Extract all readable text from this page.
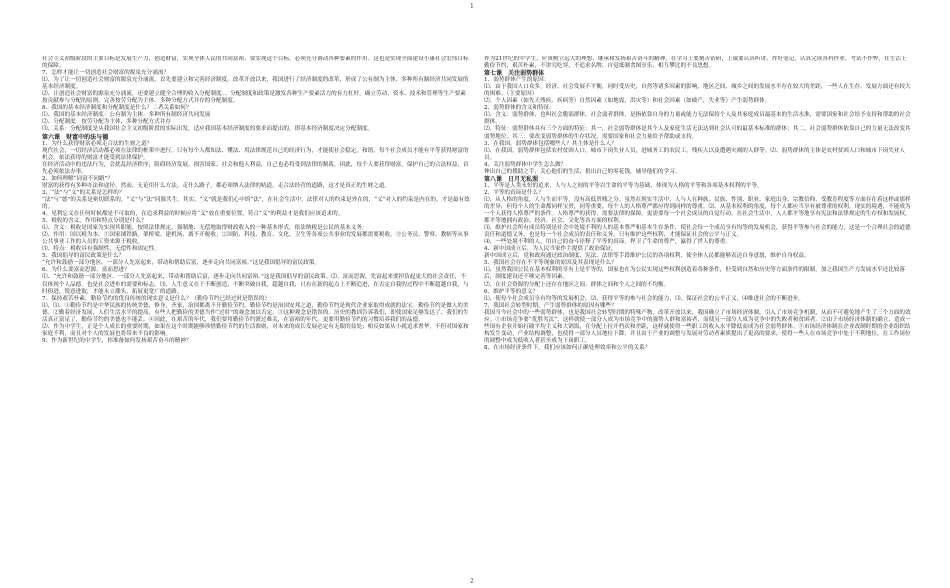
1

社会主义初级阶段的主要目标是发展生产力，创造财富，实现全体人民的共同富裕。要实现这个目标，必须充分调动各种要素的作用。这也是实现全面建设小康社会宏伟目标的保障。

7、怎样才能让一切创造社会财富的源泉充分涌流？

⑴、为了让一切创造社会财富的源泉充分涌流，首先要建立和完善经济制度。改革开放以来，我国进行了经济制度的改革，形成了公有制为主体、多种所有制经济共同发展的基本经济制度。

⑵、让创造社会财富的源泉充分涌流，还要建立健全合理的收入分配制度。。分配制度和政策是激发各种生产要素活力的有力杠杆，确立劳动、资本、技术和管理等生产要素按贡献参与分配的原则，完善按劳分配为主体、多种分配方式并存的分配制度。

8、我国的基本经济制度和分配制度是什么？二者关系如何？

⑴、我国的基本经济制度：公有制为主体、多种所有制经济共同发展

⑵、分配制度：按劳分配为主体、多种分配方式并存

⑶、关系：分配制度是从我国社会主义初级阶段的实际出发，适应我国基本经济制度的要求而提出的，即基本经济制度决定分配制度。

第六课　财富中的法与德

1、为什么获得财富必须走合法的生财之道？

现代社会，一切经济活动都必须在法律的框架中进行，只有每个人都知法、懂法、用法律规范自己的经济行为，才能使社会稳定，和谐。每个社会成员才能有平等获得财富的机会，依法获得的财富才能受到法律保护。

在经济活动中的违法行为，会扰乱经济秩序，阻碍经济发展，损害国家、社会和他人利益，自己也必将受到法律的制裁。因此，每个人要获得财富，保护自己的合法权益，首先必须依法办事。

2、如何理解“同富不同路”？

财富的获得有多种办法和途径。然而，无论用什么方法，走什么路子，都必须纳入法律的轨道，走合法经营的道路，这才是真正的生财之道。

3、“法”与“义”的关系是怎样的？

“法”与“德”的关系是密切联系的，“义”与“法”同源共生。其实，“义”就是我们心中的“法”，在社会生活中，法律对人的约束是外在的，“义”对人的约束是内在的，才是最有效的。

4、见利忘义在任何时候都是不可取的，在追求利益的时候应将“义”放在重要位置，符合“义”的利益才是我们应该追求的。

5、税收的含义、作用和特点分别是什么？

⑴、含义：税收是国家为实现其职能，按照法律规定，强制地、无偿地取得财政收入的一种基本形式。依法纳税是公民的基本义务。

⑵、作用：国以税为本。①国家铺铁路、架桥梁、建机场、离不开税收；②国防、科技、教育、文化、卫生等各项公共事业的发展都需要税收。③公务员、警察、教师等从事公共事业工作的人员的工资来源于税收。

⑶、特点：税收具有强制性、无偿性和固定性。

5、我国倡导的富民政策是什么？

“允许和鼓励一部分地区、一部分人先富起来，带动和帮助后富，逐步走向共同富裕。”这是我国倡导的富民政策。

6、为什么要富而思源、富而思进？

⑴、“允许和鼓励一部分地区、一部分人先富起来，带动和帮助后富，逐步走向共同富裕。”这是我国倡导的富民政策。⑵、富而思源，先富起来要担负起更大的社会责任，不仅体现个人品德，也是社会进步的需要和标志。⑶、人生意义在于不断创造，不断突破自我，超越自我，只有在新的起点上不断追进，在否定自我的过程中不断超越自我，与时俱进，锐意进取，才能永立潮头，拓展更宽广的道路。

7、保持艰苦朴素，勤俭节约的优良传统的现实意义是什么？（勤俭节约已经过时是错误的）

⑴、⑴、①勤俭节约是中华民族的传统美德，修身，齐家，治国都离不开勤俭节约，勤俭节约是治国安邦之道，勤俭节约是现代企业家取得成就的法宝。勤俭节约是做人的美德。②勤着经济发展，人们生活水平的提高，有些人把勤俭的美德当作“过时”的观念加以否定。③这种观念是错误的。历史的教训告诉我们，即使国家足够发达了，我们的生活真正富足了，勤俭节约的美德也不能丢。④因此，在艰苦的年代，我们要用勤俭节约渡过难关，在富裕的年代，更要用勤俭节约的习惯培养我们的品德。

⑵、作为中学生，正是个人成长的重要时期，如果在这个时期能够珍惜勤俭节约的生活准则，对未来的成长发展必定有无限的益处；相反如果从小就追求奢华，不但对国家和家庭不利，而且对个人的发展也将带来不良的影响。

9、作为新世纪的中学生，你准备如何发扬艰苦奋斗的精神？

作为21世纪的中学生，应该树立远大的理想，继承和发扬艰苦奋斗的精神，在学习上要刻苦钻研，上课要认真听讲，作好笔记，认真完成各科作业，考试不作弊，在生活上勤俭节约，艰苦朴素，不讲究吃穿，不追求名牌，自觉抵制贪图享乐，相互攀比的不良思想。

第七课　关注弱势群体

1、弱势群体产生的原因：

⑴、由于我国人口众多，经济、社会发展不平衡，同时受历史，自然等诸多因素的影响，地区之间、城乡之间的发展水平存在较大的差距，一些人在生存、发展方面还有较大的困难。（主要原因）

⑵、个人因素（如先天残疾、疾病等）自然因素（如地震，洪灾等）和社会因素（如破产，失业等）产生弱势群体。

2、弱势群体的含义和特征：

⑴、含义：弱势群体，也叫社会脆弱群体，社会弱者群体，是指依靠自身的力量或能力无法保持个人及其家庭成员最基本的生活水准，需要国家和社会给予支持和帮助的社会群体。

⑵、特征：弱势群体具有三个方面的特征：其一，社会弱势群体是其个人及家庭生活无法达到社会认可的最基本标准的群体；其二，社会弱势群体依靠自己的力量无法改变其弱势地位；其三：要改变弱势群体的生存状况，需要国家和社会力量给予帮助或支持。

3、在我国，弱势群体包括哪些人？其主体是什么人？

⑴、在我国，弱势群体包括农村贫困人口，城市下岗失业人员，进城务工的农民工，残疾人以及遭遇灾祸的人群等。⑵、弱势群体的主体是农村贫困人口和城市下岗失业人员。

4、关注弱势群体中学生怎么做？

伸出自己的援助之手，关心他们的生活，捐出自己的零花钱，辅导他们的学习。

第八课　日月无私照

1、平等是人类永恒的追求，人与人之间的平等以生命的平等为基础，体现为人格的平等和各项基本权利的平等。

2、平等的真谛是什么？

⑴、从人格的角度，人与生而平等，没有高低贵贱之分。虽然在现实生活中，人与人在种族、民族、性别、职业、家庭出身、宗教信仰、受教育程度等方面存在着这样或那样的差异，但每个人的生命都同样宝贵，同等重要，每个人的人格尊严都应得到同样的尊重。⑵、从基本权利的角度，每个人都应当享有被尊重的权利。现实的境遇，不能成为一个人获得人格尊严的条件。人格尊严的获得，需要法律的保障，更需要每一个社会成员的自觉行动。在社会生活中，人人都平等地享有宪法和法律规定的生存权和发展权，都平等地拥有政治、经济、社会、文化等各方面的权利。

⑶、维护社会所有成员特别是社会中处境不利的人的基本尊严和基本生存条件，使社会每一个成员享有均等的发展机会，获得平等参与社会的能力，这是一个合理社会的道德责任和道德义务，也是每一个社会成员的责任和义务，只有维护这些权利，才能保证社会的公平与正义。

⑷、一些处境不利的人，用自己的奋斗诠释了平等的真谛，捍卫了生命的尊严，赢得了世人的尊重。

4、新中国成立后，为人民当家作主提供了政治保证。

新中国成立后，党和政府通过政治制度、宪法、法律等手段维护公民的各项权利，使全体人民都能够表达自身意愿，维护自身权益。

5、我国社会存在不平等现象的原因及其表现是什么？

⑴、虽然我国公民在基本权利的享有上是平等的，国家也在为公民实现这些权利创造着各种条件，但受到自然和历史等方面条件的限制，加之我国生产力发展水平还比较落后，制度建设还不够完善等因素。

⑵、在社会资源的分配上还存在地区之间、群体之间和个人之间的不均衡。

6、维护平等的意义？

⑴、使每个社会成员享有均等的发展机会，⑵、获得平等的参与社会的能力，⑶、保证社会的公平正义。⑷维进社会的不断进步。

7、我国社会转型时期，产生弱势群体的原因有哪些？

我国当今社会中的一些弱势群体，也是我国社会转型时期的特殊产物。改革开放以来，我国确立了市场经济体制，引入了市场竞争机制，从而不可避免地产生了三个方面的效应。①市场竞争要“优胜劣汰”，这样就使一部分人成为市场竞争中的强势人群和富裕者，而使另一部分人成为竞争中的失败者和贫困者。②由于市场经济体制的确立，造成一些国有企业开始打破平均主义和大锅饭，在分配上拉开档次和差距，这样就使得一些职工的收入水平降低而成为社会弱势群体。③市场经济体制在企业改制时期的企业组织结构发生变动，产业结构调整，也使得一部分人员地位下降，并且由于产业的调整与发展对劳动者素质提出了更高的要求，使得一些人在市场竞争中处于不利地位，在工作岗位的调整中成为低收入者甚至成为下岗职工。

8、在市场经济条件下，我们应该如何正确处理效率和公平的关系？

2
